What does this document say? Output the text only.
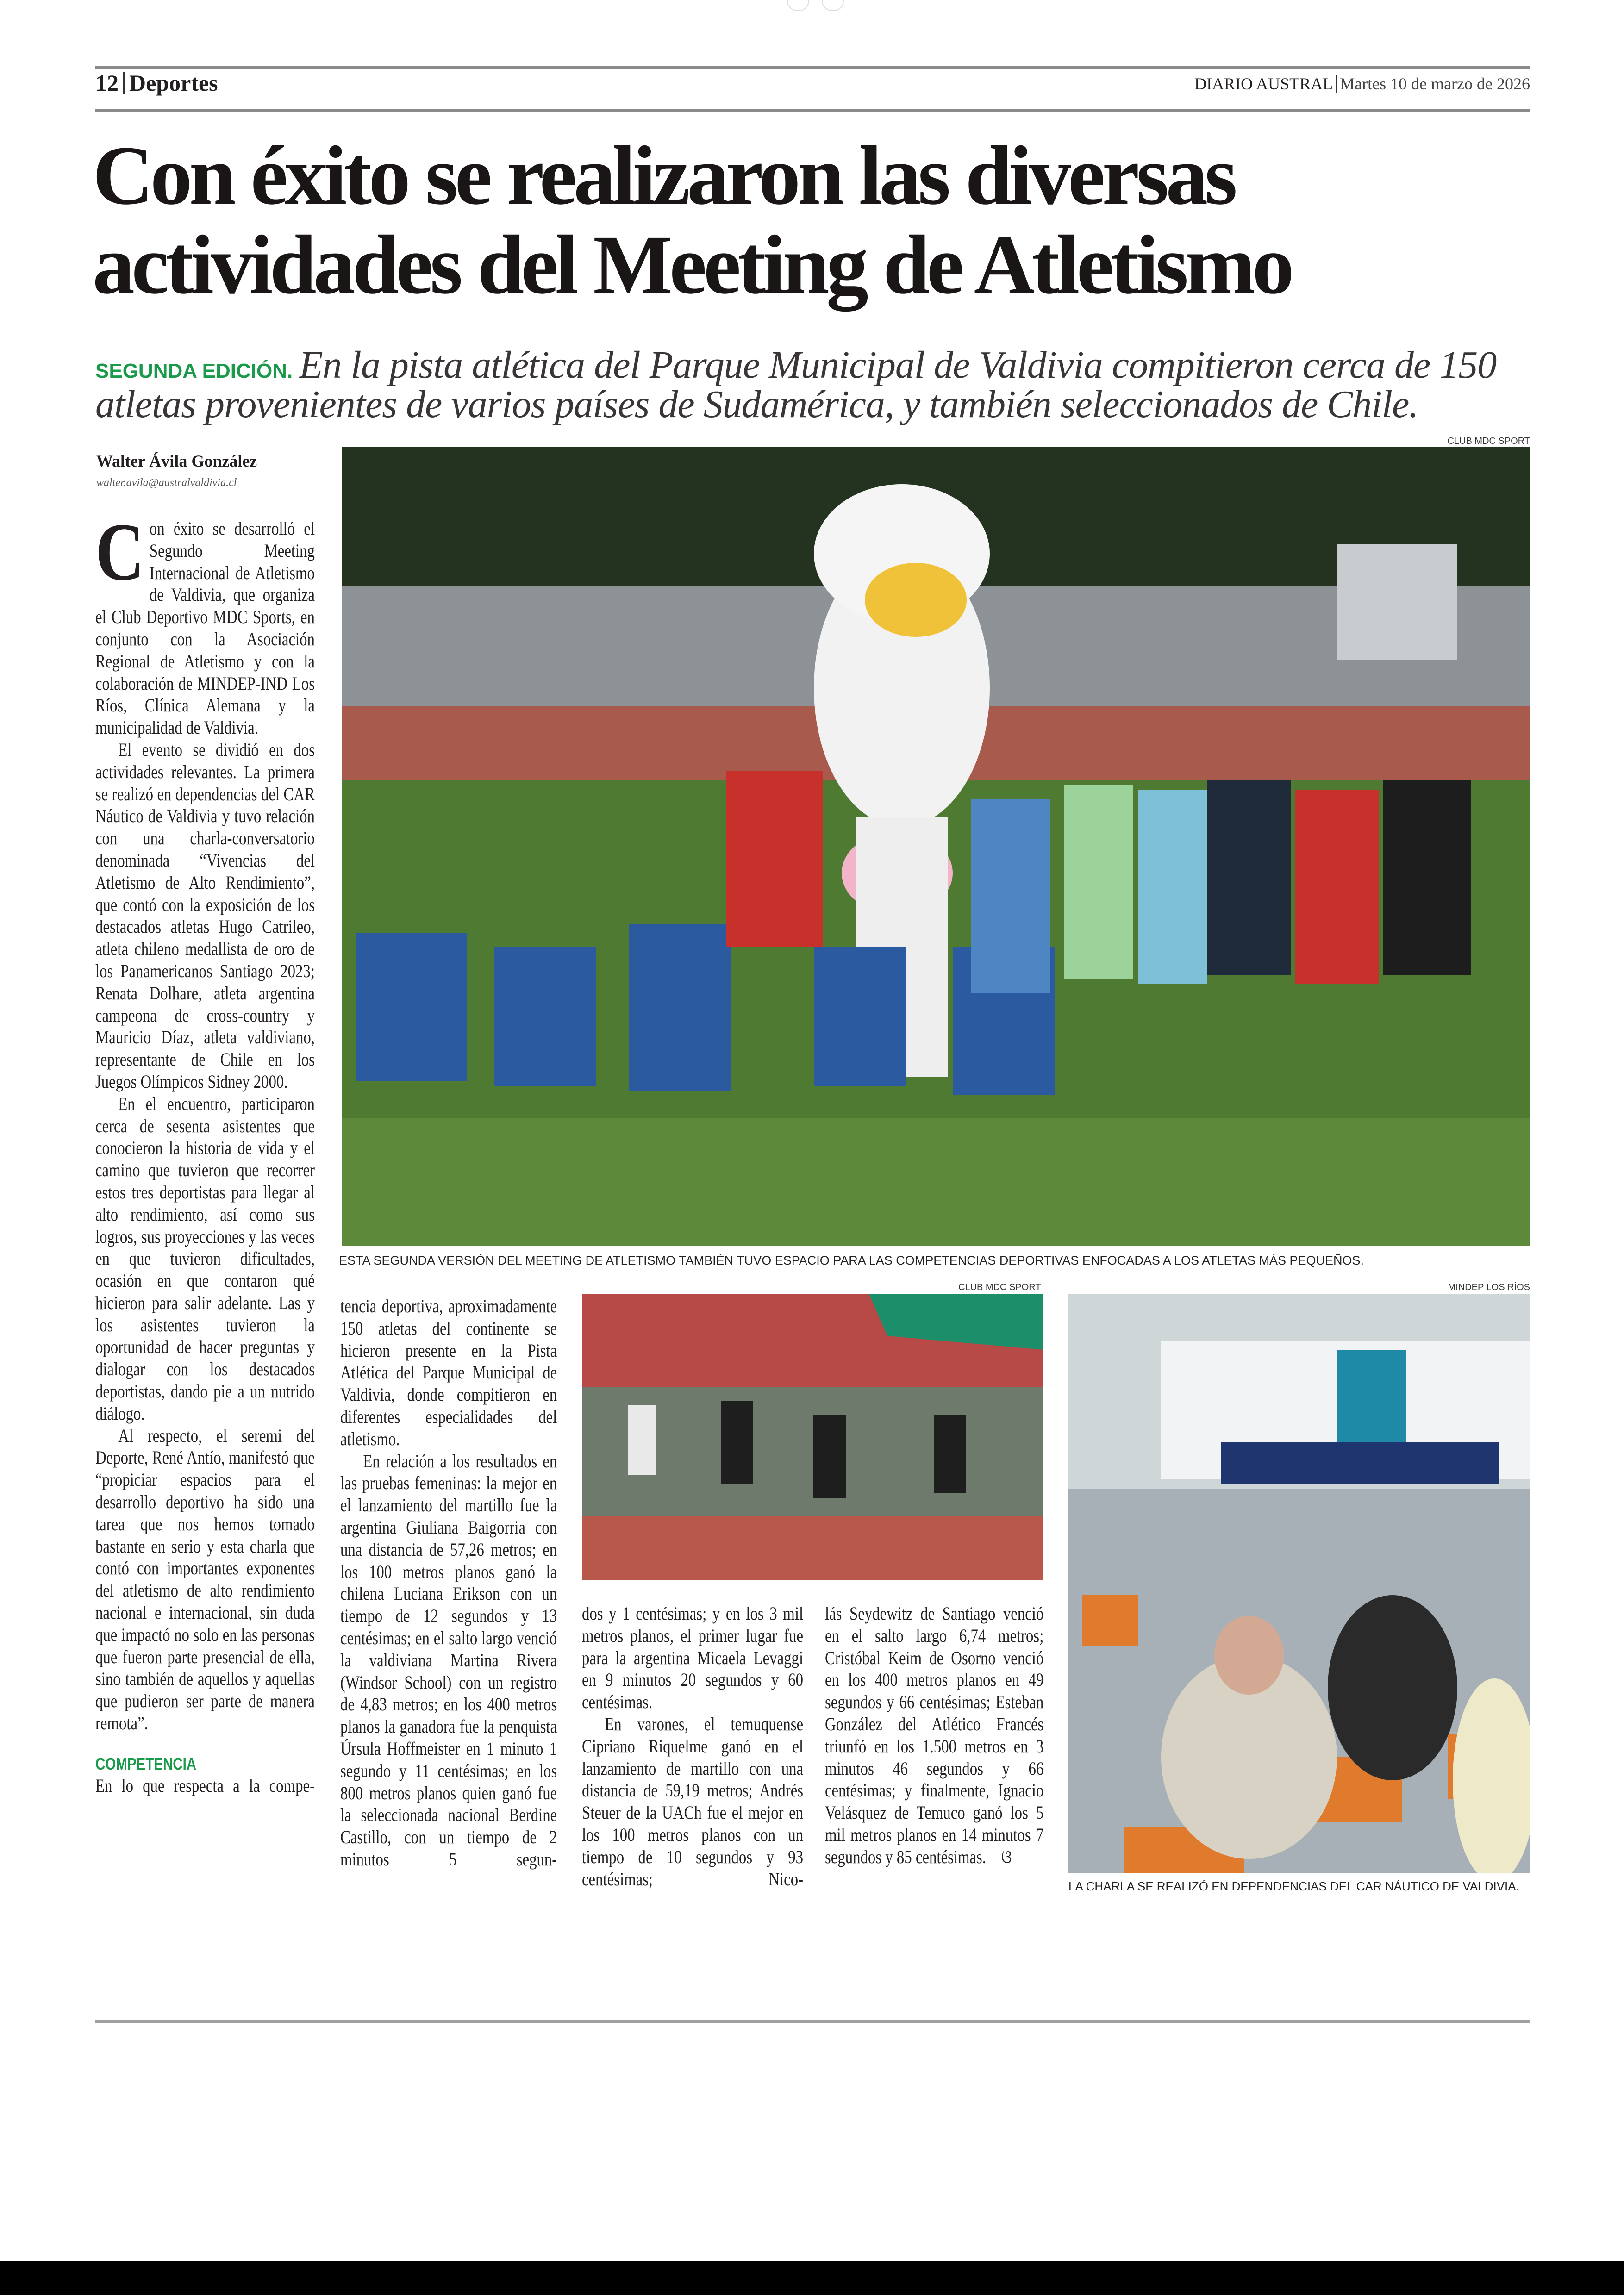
12 Deportes	DIARIO AUSTRAL Martes 10 de marzo de 2026
Con éxito se realizaron las diversas
actividades del Meeting de Atletismo
SEGUNDA EDICIÓN. En la pista atlética del Parque Municipal de Valdivia compitieron cerca de 150
atletas provenientes de varios países de Sudamérica, y también seleccionados de Chile.
CLUB MDC SPORT
ESTA SEGUNDA VERSIÓN DEL MEETING DE ATLETISMO TAMBIÉN TUVO ESPACIO PARA LAS COMPETENCIAS DEPORTIVAS ENFOCADAS A LOS ATLETAS MÁS PEQUEÑOS.
Walter Ávila González
walter.avila@australvaldivia.cl

Con éxito se desarrolló el Segundo Meeting Internacional de Atletismo de Valdivia, que organiza el Club Deportivo MDC Sports, en conjunto con la Asociación Regional de Atletismo y con la colaboración de MINDEP-IND Los Ríos, Clínica Alemana y la municipalidad de Valdivia.

El evento se dividió en dos actividades relevantes. La primera se realizó en dependencias del CAR Náutico de Valdivia y tuvo relación con una charla-conversatorio denominada “Vivencias del Atletismo de Alto Rendimiento”, que contó con la exposición de los destacados atletas Hugo Catrileo, atleta chileno medallista de oro de los Panamericanos Santiago 2023; Renata Dolhare, atleta argentina campeona de cross-country y Mauricio Díaz, atleta valdiviano, representante de Chile en los Juegos Olímpicos Sidney 2000.

En el encuentro, participaron cerca de sesenta asistentes que conocieron la historia de vida y el camino que tuvieron que recorrer estos tres deportistas para llegar al alto rendimiento, así como sus logros, sus proyecciones y las veces en que tuvieron dificultades, ocasión en que contaron qué hicieron para salir adelante. Las y los asistentes tuvieron la oportunidad de hacer preguntas y dialogar con los destacados deportistas, dando pie a un nutrido diálogo.

Al respecto, el seremi del Deporte, René Antío, manifestó que “propiciar espacios para el desarrollo deportivo ha sido una tarea que nos hemos tomado bastante en serio y esta charla que contó con importantes exponentes del atletismo de alto rendimiento nacional e internacional, sin duda que impactó no solo en las personas que fueron parte presencial de ella, sino también de aquellos y aquellas que pudieron ser parte de manera remota”.

COMPETENCIA

En lo que respecta a la compe-

tencia deportiva, aproximadamente 150 atletas del continente se hicieron presente en la Pista Atlética del Parque Municipal de Valdivia, donde compitieron en diferentes especialidades del atletismo.

En relación a los resultados en las pruebas femeninas: la mejor en el lanzamiento del martillo fue la argentina Giuliana Baigorria con una distancia de 57,26 metros; en los 100 metros planos ganó la chilena Luciana Erikson con un tiempo de 12 segundos y 13 centésimas; en el salto largo venció la valdiviana Martina Rivera (Windsor School) con un registro de 4,83 metros; en los 400 metros planos la ganadora fue la penquista Úrsula Hoffmeister en 1 minuto 1 segundo y 11 centésimas; en los 800 metros planos quien ganó fue la seleccionada nacional Berdine Castillo, con un tiempo de 2 minutos 5 segun-

CLUB MDC SPORT	MINDEP LOS RÍOS
LA CHARLA SE REALIZÓ EN DEPENDENCIAS DEL CAR NÁUTICO DE VALDIVIA.

dos y 1 centésimas; y en los 3 mil metros planos, el primer lugar fue para la argentina Micaela Levaggi en 9 minutos 20 segundos y 60 centésimas.

En varones, el temuquense Cipriano Riquelme ganó en el lanzamiento de martillo con una distancia de 59,19 metros; Andrés Steuer de la UACh fue el mejor en los 100 metros planos con un tiempo de 10 segundos y 93 centésimas; Nico-

lás Seydewitz de Santiago venció en el salto largo 6,74 metros; Cristóbal Keim de Osorno venció en los 400 metros planos en 49 segundos y 66 centésimas; Esteban González del Atlético Francés triunfó en los 1.500 metros en 3 minutos 46 segundos y 66 centésimas; y finalmente, Ignacio Velásquez de Temuco ganó los 5 mil metros planos en 14 minutos 7 segundos y 85 centésimas. ଓ
